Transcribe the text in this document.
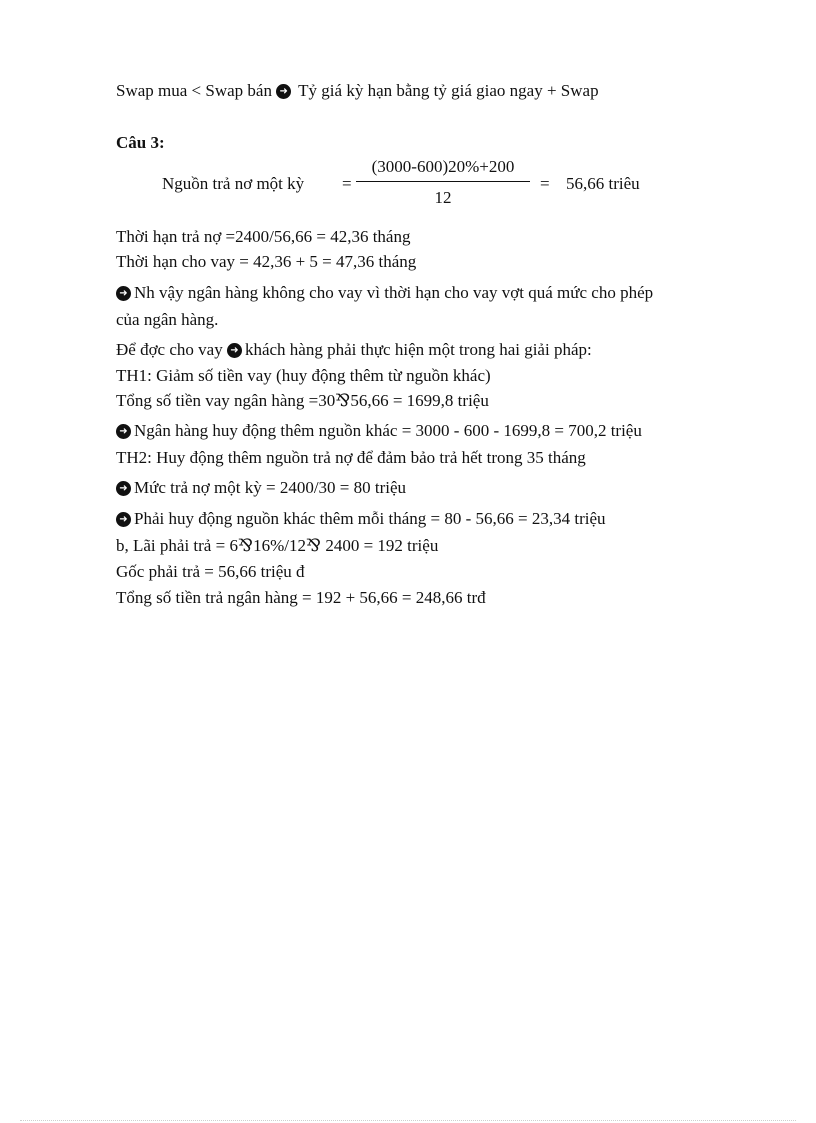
Swap mua < Swap bán ➜ Tỷ giá kỳ hạn bằng tỷ giá giao ngay + Swap
Câu 3:
Nguồn trả nơ một kỳ =
(3000-600)20%+200
12
= 56,66 triêu
Thời hạn trả nợ =2400/56,66 = 42,36 tháng
Thời hạn cho vay = 42,36 + 5 = 47,36 tháng
➜ Nh vậy ngân hàng không cho vay vì thời hạn cho vay vợt quá mức cho phép
của ngân hàng.
Để đợc cho vay ➜ khách hàng phải thực hiện một trong hai giải pháp:
TH1: Giảm số tiền vay (huy động thêm từ nguồn khác)
Tổng số tiền vay ngân hàng =30⅋56,66 = 1699,8 triệu
➜ Ngân hàng huy động thêm nguồn khác = 3000 - 600 - 1699,8 = 700,2 triệu
TH2: Huy động thêm nguồn trả nợ để đảm bảo trả hết trong 35 tháng
➜ Mức trả nợ một kỳ = 2400/30 = 80 triệu
➜ Phải huy động nguồn khác thêm mỗi tháng = 80 - 56,66 = 23,34 triệu
b, Lãi phải trả = 6⅋16%/12⅋ 2400 = 192 triệu
Gốc phải trả = 56,66 triệu đ
Tổng số tiền trả ngân hàng = 192 + 56,66 = 248,66 trđ
